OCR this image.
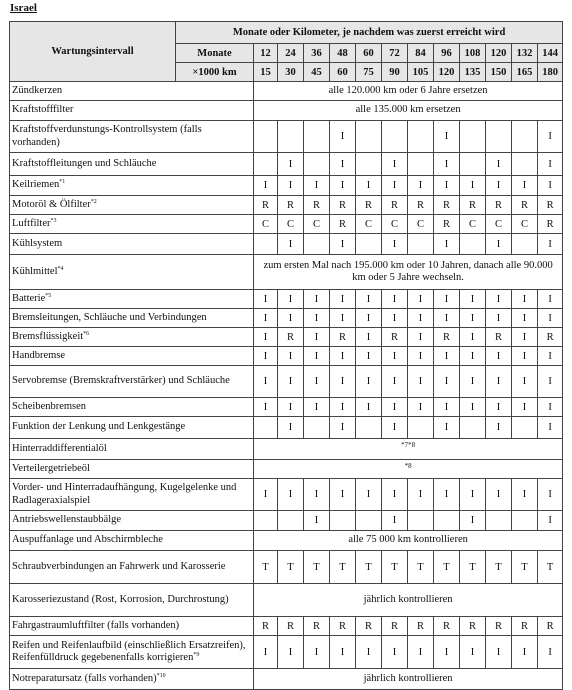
Israel
Wartungsintervall	Monate oder Kilometer, je nachdem was zuerst erreicht wird												
	Monate	12	24	36	48	60	72	84	96	108	120	132	144
	×1000 km	15	30	45	60	75	90	105	120	135	150	165	180
Zündkerzen		alle 120.000 km oder 6 Jahre ersetzen											
Kraftstofffilter		alle 135.000 km ersetzen											
Kraftstoffverdunstungs-Kontrollsystem (falls vorhanden)					I				I				I
Kraftstoffleitungen und Schläuche			I		I		I		I		I		I
Keilriemen$^{*1}$		I	I	I	I	I	I	I	I	I	I	I	I
Motoröl & Ölfilter$^{*2}$		R	R	R	R	R	R	R	R	R	R	R	R
Luftfilter$^{*3}$		C	C	C	R	C	C	C	R	C	C	C	R
Kühlsystem			I		I		I		I		I		I
Kühlmittel$^{*4}$		zum ersten Mal nach 195.000 km oder 10 Jahren, danach alle 90.000 km oder 5 Jahre wechseln.											
Batterie$^{*5}$		I	I	I	I	I	I	I	I	I	I	I	I
Bremsleitungen, Schläuche und Verbindungen		I	I	I	I	I	I	I	I	I	I	I	I
Bremsflüssigkeit$^{*6}$		I	R	I	R	I	R	I	R	I	R	I	R
Handbremse		I	I	I	I	I	I	I	I	I	I	I	I
Servobremse (Bremskraftverstärker) und Schläuche		I	I	I	I	I	I	I	I	I	I	I	I
Scheibenbremsen		I	I	I	I	I	I	I	I	I	I	I	I
Funktion der Lenkung und Lenkgestänge			I		I		I		I		I		I
Hinterraddifferentialöl		*7*8											
Verteilergetriebeöl		*8											
Vorder- und Hinterradaufhängung, Kugelgelenke und Radlageraxialspiel		I	I	I	I	I	I	I	I	I	I	I	I
Antriebswellenstaubbälge				I			I			I			I
Auspuffanlage und Abschirmbleche		alle 75 000 km kontrollieren											
Schraubverbindungen an Fahrwerk und Karosserie		T	T	T	T	T	T	T	T	T	T	T	T
Karosseriezustand (Rost, Korrosion, Durchrostung)		jährlich kontrollieren											
Fahrgastraumluftfilter (falls vorhanden)		R	R	R	R	R	R	R	R	R	R	R	R
Reifen und Reifenlaufbild (einschließlich Ersatzreifen), Reifenfülldruck gegebenenfalls korrigieren$^{*9}$		I	I	I	I	I	I	I	I	I	I	I	I
Notreparatursatz (falls vorhanden)$^{*10}$		jährlich kontrollieren											
